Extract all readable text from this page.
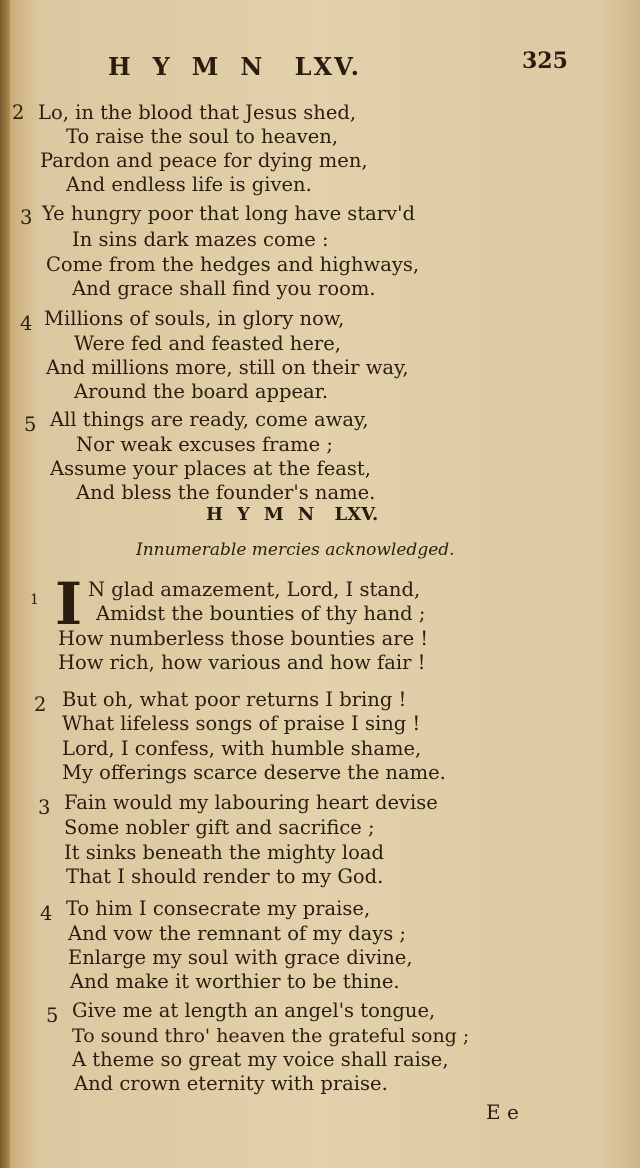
HYMN LXV.	325
2 Lo, in the blood that Jesus shed,
To raise the soul to heaven,
Pardon and peace for dying men,
And endless life is given.
3 Ye hungry poor that long have starv'd
In sins dark mazes come :
Come from the hedges and highways,
And grace shall find you room.
4 Millions of souls, in glory now,
Were fed and feasted here,
And millions more, still on their way,
Around the board appear.
5 All things are ready, come away,
Nor weak excuses frame ;
Assume your places at the feast,
And bless the founder's name.
HYMN LXV.
Innumerable mercies acknowledged.
1 I N glad amazement, Lord, I stand,
Amidst the bounties of thy hand ;
How numberless those bounties are !
How rich, how various and how fair !
2 But oh, what poor returns I bring !
What lifeless songs of praise I sing !
Lord, I confess, with humble shame,
My offerings scarce deserve the name.
3 Fain would my labouring heart devise
Some nobler gift and sacrifice ;
It sinks beneath the mighty load
That I should render to my God.
4 To him I consecrate my praise,
And vow the remnant of my days ;
Enlarge my soul with grace divine,
And make it worthier to be thine.
5 Give me at length an angel's tongue,
To sound thro' heaven the grateful song ;
A theme so great my voice shall raise,
And crown eternity with praise.
E e
